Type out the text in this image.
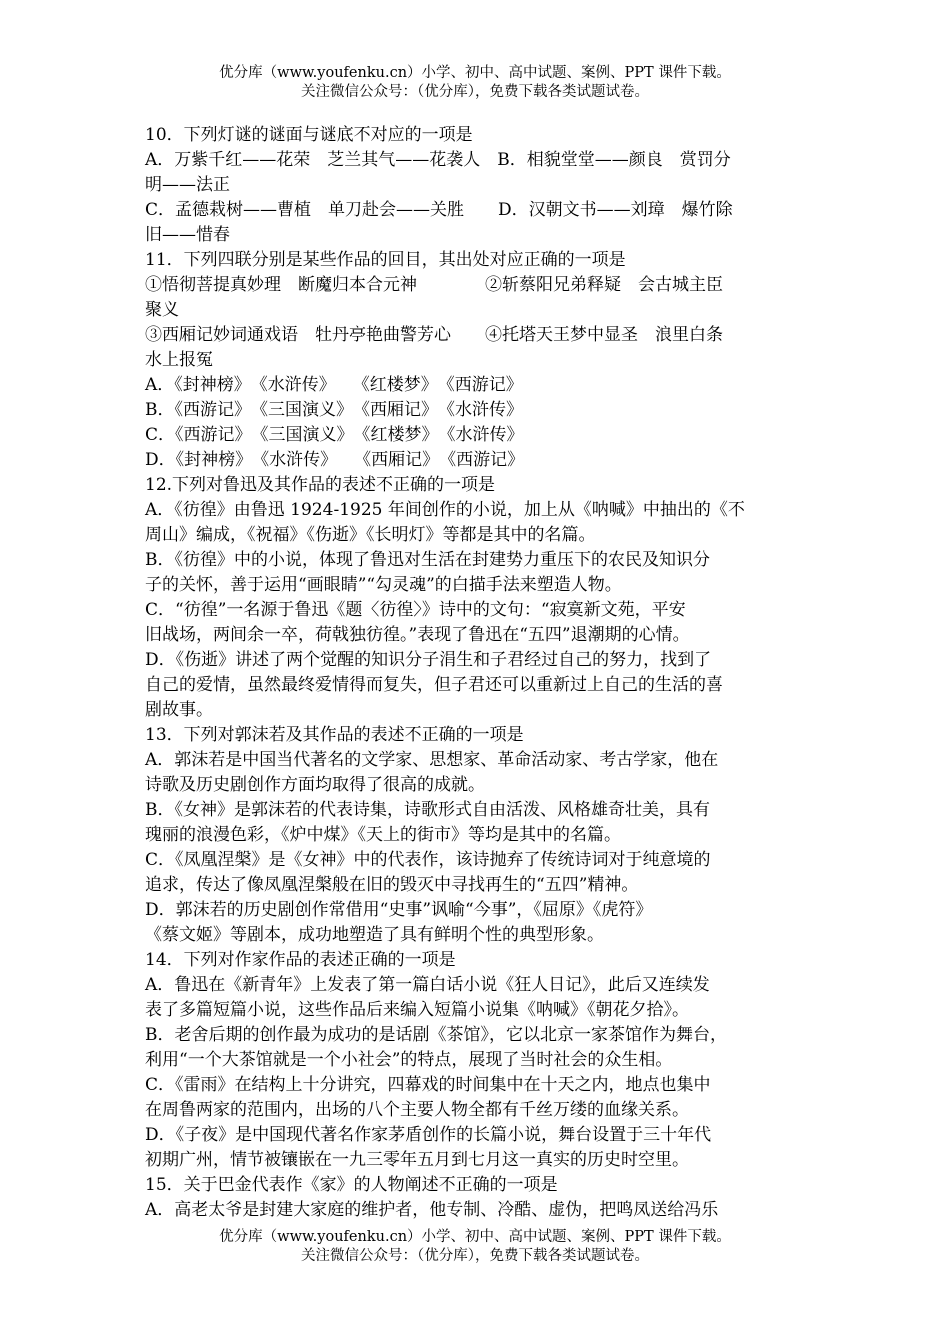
优分库（www.youfenku.cn）小学、初中、高中试题、案例、PPT 课件下载。
关注微信公众号：（优分库），免费下载各类试题试卷。
10．下列灯谜的谜面与谜底不对应的一项是
A．万紫千红——花荣　芝兰其气——花袭人　B．相貌堂堂——颜良　赏罚分
明——法正
C．孟德栽树——曹植　单刀赴会——关胜　　D．汉朝文书——刘璋　爆竹除
旧——惜春
11．下列四联分别是某些作品的回目，其出处对应正确的一项是
①悟彻菩提真妙理　断魔归本合元神　　　　②斩蔡阳兄弟释疑　会古城主臣
聚义
③西厢记妙词通戏语　牡丹亭艳曲警芳心　　④托塔天王梦中显圣　浪里白条
水上报冤
A．《封神榜》　《水浒传》　　《红楼梦》　《西游记》
B．《西游记》　《三国演义》　《西厢记》　《水浒传》
C．《西游记》　《三国演义》　《红楼梦》　《水浒传》
D．《封神榜》　《水浒传》　　《西厢记》　《西游记》
12.下列对鲁迅及其作品的表述不正确的一项是
A．《彷徨》由鲁迅 1924-1925 年间创作的小说，加上从《呐喊》中抽出的《不
周山》编成，《祝福》《伤逝》《长明灯》等都是其中的名篇。
B．《彷徨》中的小说，体现了鲁迅对生活在封建势力重压下的农民及知识分
子的关怀，善于运用“画眼睛”“勾灵魂”的白描手法来塑造人物。
C．“彷徨”一名源于鲁迅《题〈彷徨〉》诗中的文句：“寂寞新文苑，平安
旧战场，两间余一卒，荷戟独彷徨。”表现了鲁迅在“五四”退潮期的心情。
D．《伤逝》讲述了两个觉醒的知识分子涓生和子君经过自己的努力，找到了
自己的爱情，虽然最终爱情得而复失，但子君还可以重新过上自己的生活的喜
剧故事。
13．下列对郭沫若及其作品的表述不正确的一项是
A．郭沫若是中国当代著名的文学家、思想家、革命活动家、考古学家，他在
诗歌及历史剧创作方面均取得了很高的成就。
B．《女神》是郭沫若的代表诗集，诗歌形式自由活泼、风格雄奇壮美，具有
瑰丽的浪漫色彩，《炉中煤》《天上的街市》等均是其中的名篇。
C．《凤凰涅槃》是《女神》中的代表作，该诗抛弃了传统诗词对于纯意境的
追求，传达了像凤凰涅槃般在旧的毁灭中寻找再生的“五四”精神。
D．郭沫若的历史剧创作常借用“史事”讽喻“今事”，《屈原》《虎符》
《蔡文姬》等剧本，成功地塑造了具有鲜明个性的典型形象。
14．下列对作家作品的表述正确的一项是
A．鲁迅在《新青年》上发表了第一篇白话小说《狂人日记》，此后又连续发
表了多篇短篇小说，这些作品后来编入短篇小说集《呐喊》《朝花夕拾》。
B．老舍后期的创作最为成功的是话剧《茶馆》，它以北京一家茶馆作为舞台，
利用“一个大茶馆就是一个小社会”的特点，展现了当时社会的众生相。
C．《雷雨》在结构上十分讲究，四幕戏的时间集中在十天之内，地点也集中
在周鲁两家的范围内，出场的八个主要人物全都有千丝万缕的血缘关系。
D．《子夜》是中国现代著名作家茅盾创作的长篇小说，舞台设置于三十年代
初期广州，情节被镶嵌在一九三零年五月到七月这一真实的历史时空里。
15．关于巴金代表作《家》的人物阐述不正确的一项是
A．高老太爷是封建大家庭的维护者，他专制、冷酷、虚伪，把鸣凤送给冯乐
优分库（www.youfenku.cn）小学、初中、高中试题、案例、PPT 课件下载。
关注微信公众号：（优分库），免费下载各类试题试卷。
